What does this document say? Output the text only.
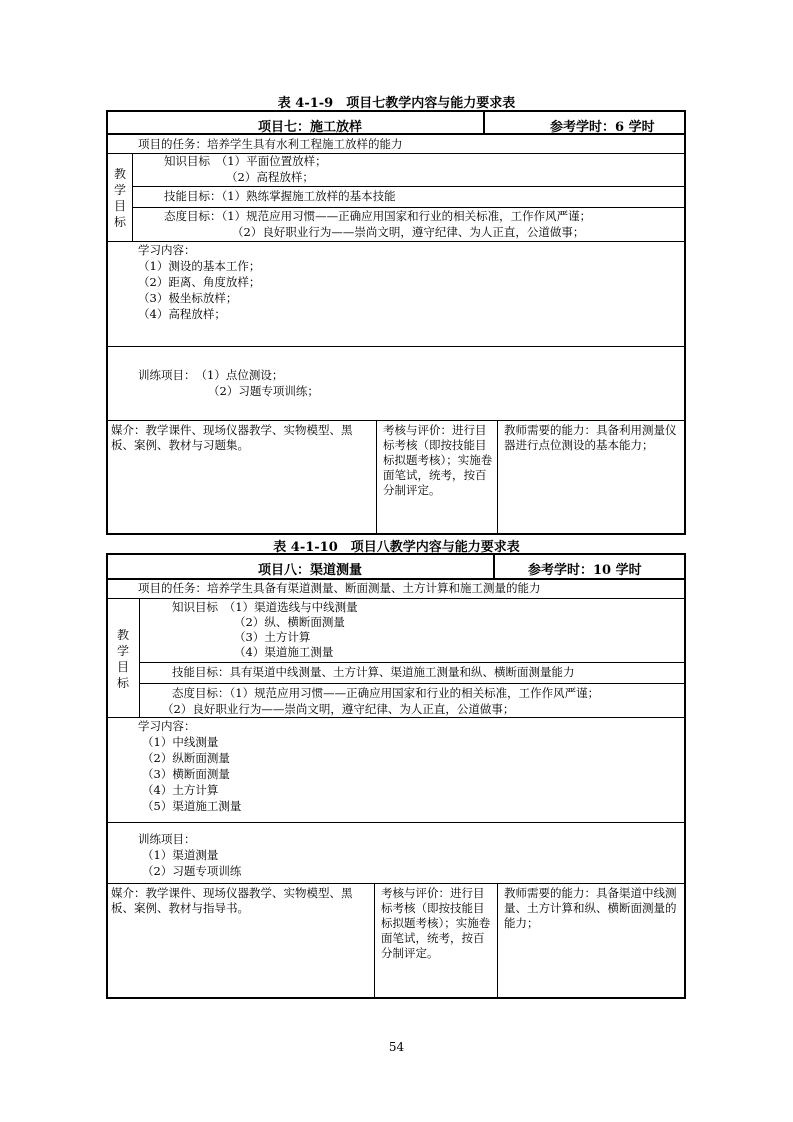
表 4-1-9　项目七教学内容与能力要求表
项目七：施工放样	参考学时：6 学时
项目的任务：培养学生具有水利工程施工放样的能力
教
学
目
标
知识目标　（1）平面位置放样；
（2）高程放样；
技能目标：（1）熟练掌握施工放样的基本技能
态度目标：（1）规范应用习惯——正确应用国家和行业的相关标准，工作作风严谨；
（2）良好职业行为——崇尚文明，遵守纪律、为人正直，公道做事；
学习内容：
（1）测设的基本工作；
（2）距离、角度放样；
（3）极坐标放样；
（4）高程放样；
训练项目：　（1）点位测设；
（2）习题专项训练；
媒介：教学课件、现场仪器教学、实物模型、黑板、案例、教材与习题集。
考核与评价：进行目标考核（即按技能目标拟题考核）；实施卷面笔试，统考，按百分制评定。
教师需要的能力：具备利用测量仪器进行点位测设的基本能力；
表 4-1-10　项目八教学内容与能力要求表
项目八：渠道测量	参考学时：10 学时
项目的任务：培养学生具备有渠道测量、断面测量、土方计算和施工测量的能力
教
学
目
标
知识目标　（1）渠道选线与中线测量
（2）纵、横断面测量
（3）土方计算
（4）渠道施工测量
技能目标：具有渠道中线测量、土方计算、渠道施工测量和纵、横断面测量能力
态度目标：（1）规范应用习惯——正确应用国家和行业的相关标准，工作作风严谨；
（2）良好职业行为——崇尚文明，遵守纪律、为人正直，公道做事；
学习内容：
（1）中线测量
（2）纵断面测量
（3）横断面测量
（4）土方计算
（5）渠道施工测量
训练项目：
（1）渠道测量
（2）习题专项训练
媒介：教学课件、现场仪器教学、实物模型、黑板、案例、教材与指导书。
考核与评价：进行目标考核（即按技能目标拟题考核）；实施卷面笔试，统考，按百分制评定。
教师需要的能力：具备渠道中线测量、土方计算和纵、横断面测量的能力；
54
